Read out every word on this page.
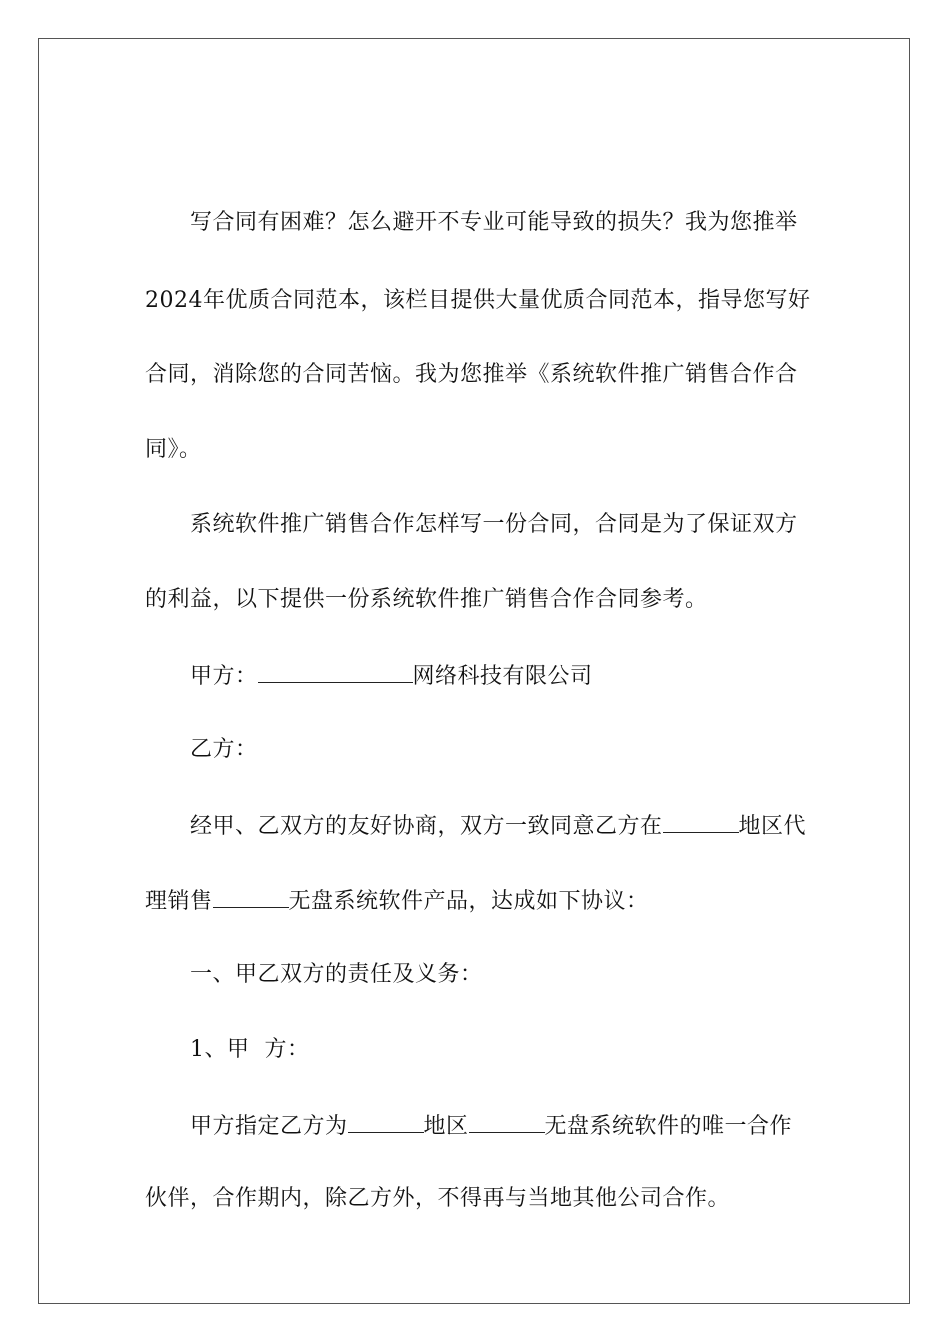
写合同有困难？怎么避开不专业可能导致的损失？我为您推举
2024年优质合同范本，该栏目提供大量优质合同范本，指导您写好
合同，消除您的合同苦恼。我为您推举《系统软件推广销售合作合
同》。
系统软件推广销售合作怎样写一份合同，合同是为了保证双方
的利益，以下提供一份系统软件推广销售合作合同参考。
甲方：	网络科技有限公司
乙方：
经甲、乙双方的友好协商，双方一致同意乙方在	地区代
理销售	无盘系统软件产品，达成如下协议：
一、甲乙双方的责任及义务：
1、甲  方：
甲方指定乙方为	地区	无盘系统软件的唯一合作
伙伴，合作期内，除乙方外，不得再与当地其他公司合作。
